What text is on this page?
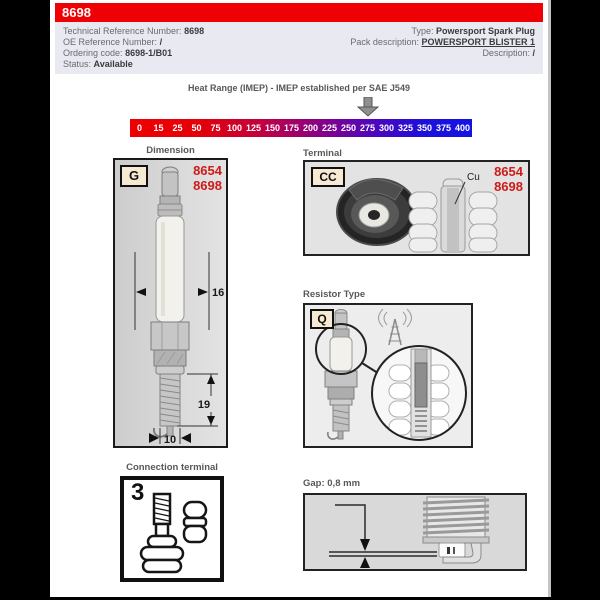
8698
Technical Reference Number: 8698
OE Reference Number: /
Ordering code: 8698-1/B01
Status: Available
Type: Powersport Spark Plug
Pack description: POWERSPORT BLISTER 1
Description: /
Heat Range (IMEP) - IMEP established per SAE J549
0	15 25 50 75 100 125 150 175 200 225 250 275 300 325 350 375 400
Dimension
16
19
10
G	8654
8698
Terminal
Cu
CC	8654
8698
Resistor Type
Q
Connection terminal
3	Gap: 0,8 mm
